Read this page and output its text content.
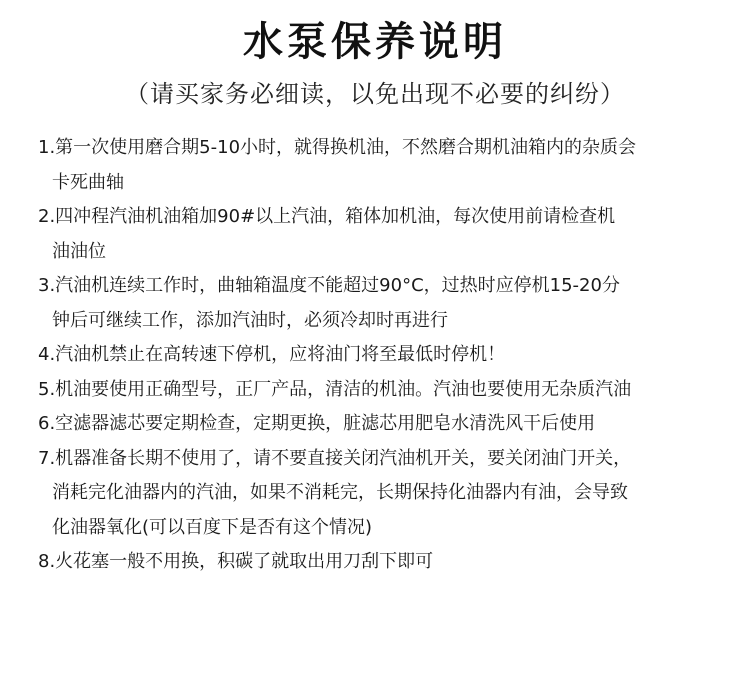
水泵保养说明
（请买家务必细读，以免出现不必要的纠纷）
1.第一次使用磨合期5-10小时，就得换机油，不然磨合期机油箱内的杂质会
卡死曲轴
2.四冲程汽油机油箱加90#以上汽油，箱体加机油，每次使用前请检查机
油油位
3.汽油机连续工作时，曲轴箱温度不能超过90°C，过热时应停机15-20分
钟后可继续工作，添加汽油时，必须冷却时再进行
4.汽油机禁止在高转速下停机，应将油门将至最低时停机！
5.机油要使用正确型号，正厂产品，清洁的机油。汽油也要使用无杂质汽油
6.空滤器滤芯要定期检查，定期更换，脏滤芯用肥皂水清洗风干后使用
7.机器准备长期不使用了，请不要直接关闭汽油机开关，要关闭油门开关，
消耗完化油器内的汽油，如果不消耗完，长期保持化油器内有油，会导致
化油器氧化(可以百度下是否有这个情况)
8.火花塞一般不用换，积碳了就取出用刀刮下即可
